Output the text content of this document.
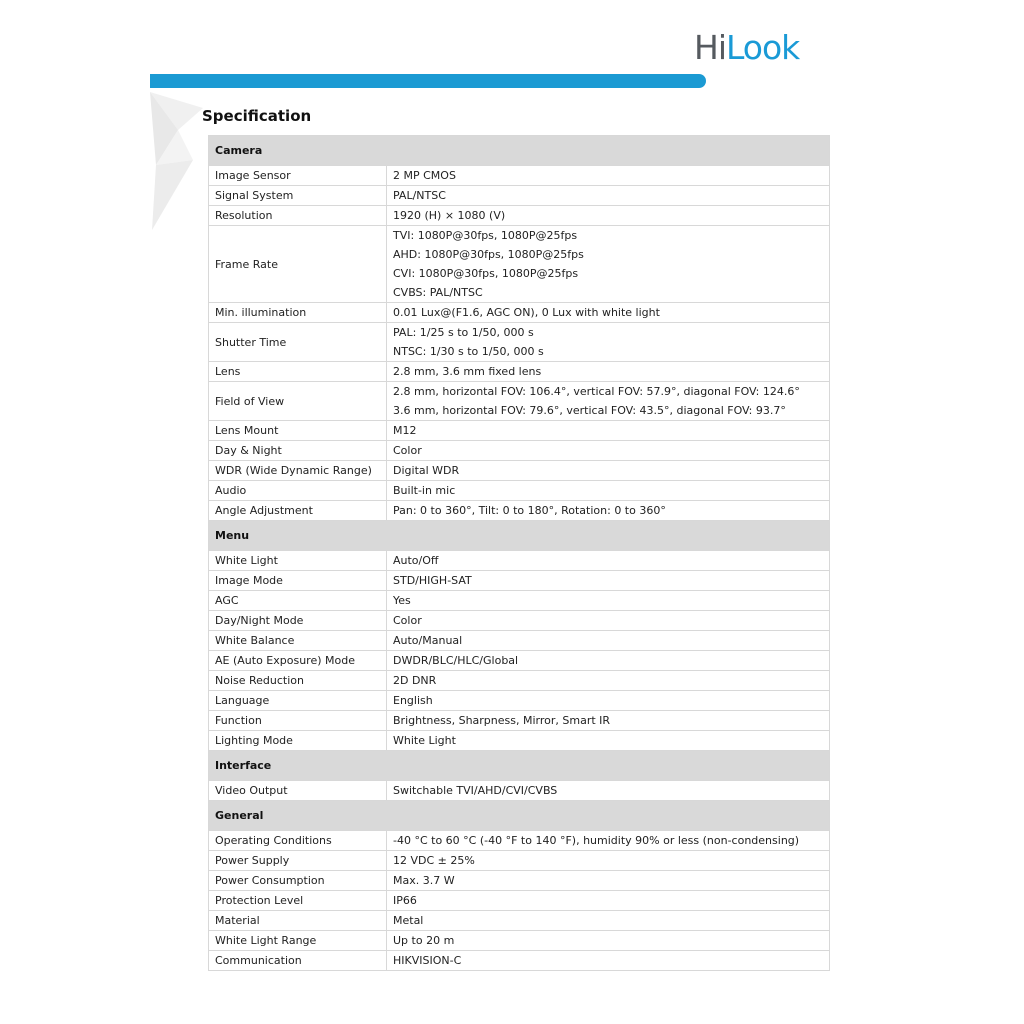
HiLook
Specification
Camera	
Image Sensor	2 MP CMOS

Signal System	PAL/NTSC

Resolution	1920 (H) × 1080 (V)

Frame Rate	TVI: 1080P@30fps, 1080P@25fps
AHD: 1080P@30fps, 1080P@25fps
CVI: 1080P@30fps, 1080P@25fps
CVBS: PAL/NTSC

Min. illumination	0.01 Lux@(F1.6, AGC ON), 0 Lux with white light

Shutter Time	PAL: 1/25 s to 1/50, 000 s
NTSC: 1/30 s to 1/50, 000 s

Lens	2.8 mm, 3.6 mm fixed lens

Field of View	2.8 mm, horizontal FOV: 106.4°, vertical FOV: 57.9°, diagonal FOV: 124.6°
3.6 mm, horizontal FOV: 79.6°, vertical FOV: 43.5°, diagonal FOV: 93.7°

Lens Mount	M12

Day & Night	Color

WDR (Wide Dynamic Range)	Digital WDR

Audio	Built-in mic

Angle Adjustment	Pan: 0 to 360°, Tilt: 0 to 180°, Rotation: 0 to 360°

Menu	
White Light	Auto/Off

Image Mode	STD/HIGH-SAT

AGC	Yes

Day/Night Mode	Color

White Balance	Auto/Manual

AE (Auto Exposure) Mode	DWDR/BLC/HLC/Global

Noise Reduction	2D DNR

Language	English

Function	Brightness, Sharpness, Mirror, Smart IR

Lighting Mode	White Light

Interface	
Video Output	Switchable TVI/AHD/CVI/CVBS

General	
Operating Conditions	-40 °C to 60 °C (-40 °F to 140 °F), humidity 90% or less (non-condensing)

Power Supply	12 VDC ± 25%

Power Consumption	Max. 3.7 W

Protection Level	IP66

Material	Metal

White Light Range	Up to 20 m

Communication	HIKVISION-C
